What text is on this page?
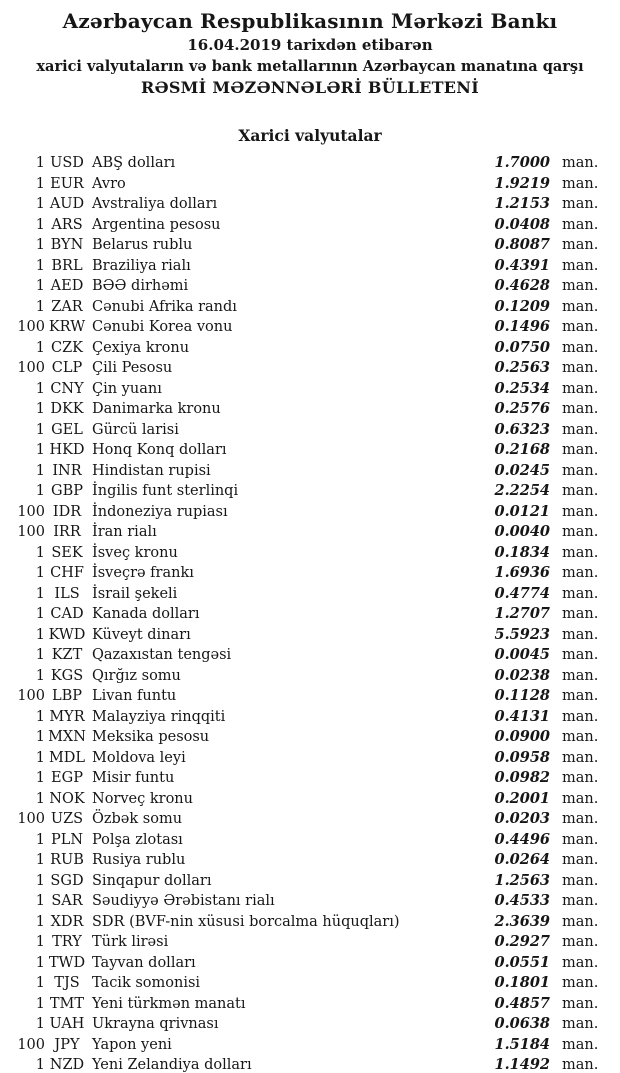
Azərbaycan Respublikasının Mərkəzi Bankı
16.04.2019 tarixdən etibarən
xarici valyutaların və bank metallarının Azərbaycan manatına qarşı
RƏSMİ MƏZƏNNƏLƏRİ BÜLLETENİ
Xarici valyutalar
1 USD ABŞ dolları	1.7000 man.
1 EUR Avro	1.9219 man.
1 AUD Avstraliya dolları	1.2153 man.
1 ARS Argentina pesosu	0.0408 man.
1 BYN Belarus rublu	0.8087 man.
1 BRL Braziliya rialı	0.4391 man.
1 AED BƏƏ dirhəmi	0.4628 man.
1 ZAR Cənubi Afrika randı	0.1209 man.
100 KRW Cənubi Korea vonu	0.1496 man.
1 CZK Çexiya kronu	0.0750 man.
100 CLP Çili Pesosu	0.2563 man.
1 CNY Çin yuanı	0.2534 man.
1 DKK Danimarka kronu	0.2576 man.
1 GEL Gürcü larisi	0.6323 man.
1 HKD Honq Konq dolları	0.2168 man.
1 INR Hindistan rupisi	0.0245 man.
1 GBP İngilis funt sterlinqi	2.2254 man.
100 IDR İndoneziya rupiası	0.0121 man.
100 IRR İran rialı	0.0040 man.
1 SEK İsveç kronu	0.1834 man.
1 CHF İsveçrə frankı	1.6936 man.
1 ILS İsrail şekeli	0.4774 man.
1 CAD Kanada dolları	1.2707 man.
1 KWD Küveyt dinarı	5.5923 man.
1 KZT Qazaxıstan tengəsi	0.0045 man.
1 KGS Qırğız somu	0.0238 man.
100 LBP Livan funtu	0.1128 man.
1 MYR Malayziya rinqqiti	0.4131 man.
1 MXN Meksika pesosu	0.0900 man.
1 MDL Moldova leyi	0.0958 man.
1 EGP Misir funtu	0.0982 man.
1 NOK Norveç kronu	0.2001 man.
100 UZS Özbək somu	0.0203 man.
1 PLN Polşa zlotası	0.4496 man.
1 RUB Rusiya rublu	0.0264 man.
1 SGD Sinqapur dolları	1.2563 man.
1 SAR Səudiyyə Ərəbistanı rialı	0.4533 man.
1 XDR SDR (BVF-nin xüsusi borcalma hüquqları)	2.3639 man.
1 TRY Türk lirəsi	0.2927 man.
1 TWD Tayvan dolları	0.0551 man.
1 TJS Tacik somonisi	0.1801 man.
1 TMT Yeni türkmən manatı	0.4857 man.
1 UAH Ukrayna qrivnası	0.0638 man.
100 JPY Yapon yeni	1.5184 man.
1 NZD Yeni Zelandiya dolları	1.1492 man.
